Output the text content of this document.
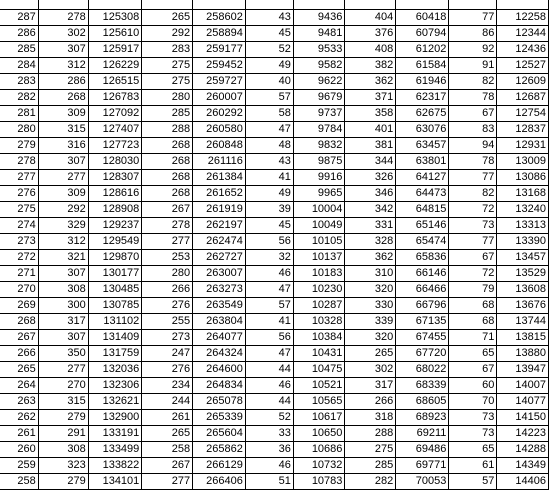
287	278	125308	265	258602	43	9436	404	60418	77	12258
286	302	125610	292	258894	45	9481	376	60794	86	12344
285	307	125917	283	259177	52	9533	408	61202	92	12436
284	312	126229	275	259452	49	9582	382	61584	91	12527
283	286	126515	275	259727	40	9622	362	61946	82	12609
282	268	126783	280	260007	57	9679	371	62317	78	12687
281	309	127092	285	260292	58	9737	358	62675	67	12754
280	315	127407	288	260580	47	9784	401	63076	83	12837
279	316	127723	268	260848	48	9832	381	63457	94	12931
278	307	128030	268	261116	43	9875	344	63801	78	13009
277	277	128307	268	261384	41	9916	326	64127	77	13086
276	309	128616	268	261652	49	9965	346	64473	82	13168
275	292	128908	267	261919	39	10004	342	64815	72	13240
274	329	129237	278	262197	45	10049	331	65146	73	13313
273	312	129549	277	262474	56	10105	328	65474	77	13390
272	321	129870	253	262727	32	10137	362	65836	67	13457
271	307	130177	280	263007	46	10183	310	66146	72	13529
270	308	130485	266	263273	47	10230	320	66466	79	13608
269	300	130785	276	263549	57	10287	330	66796	68	13676
268	317	131102	255	263804	41	10328	339	67135	68	13744
267	307	131409	273	264077	56	10384	320	67455	71	13815
266	350	131759	247	264324	47	10431	265	67720	65	13880
265	277	132036	276	264600	44	10475	302	68022	67	13947
264	270	132306	234	264834	46	10521	317	68339	60	14007
263	315	132621	244	265078	44	10565	266	68605	70	14077
262	279	132900	261	265339	52	10617	318	68923	73	14150
261	291	133191	265	265604	33	10650	288	69211	73	14223
260	308	133499	258	265862	36	10686	275	69486	65	14288
259	323	133822	267	266129	46	10732	285	69771	61	14349
258	279	134101	277	266406	51	10783	282	70053	57	14406
